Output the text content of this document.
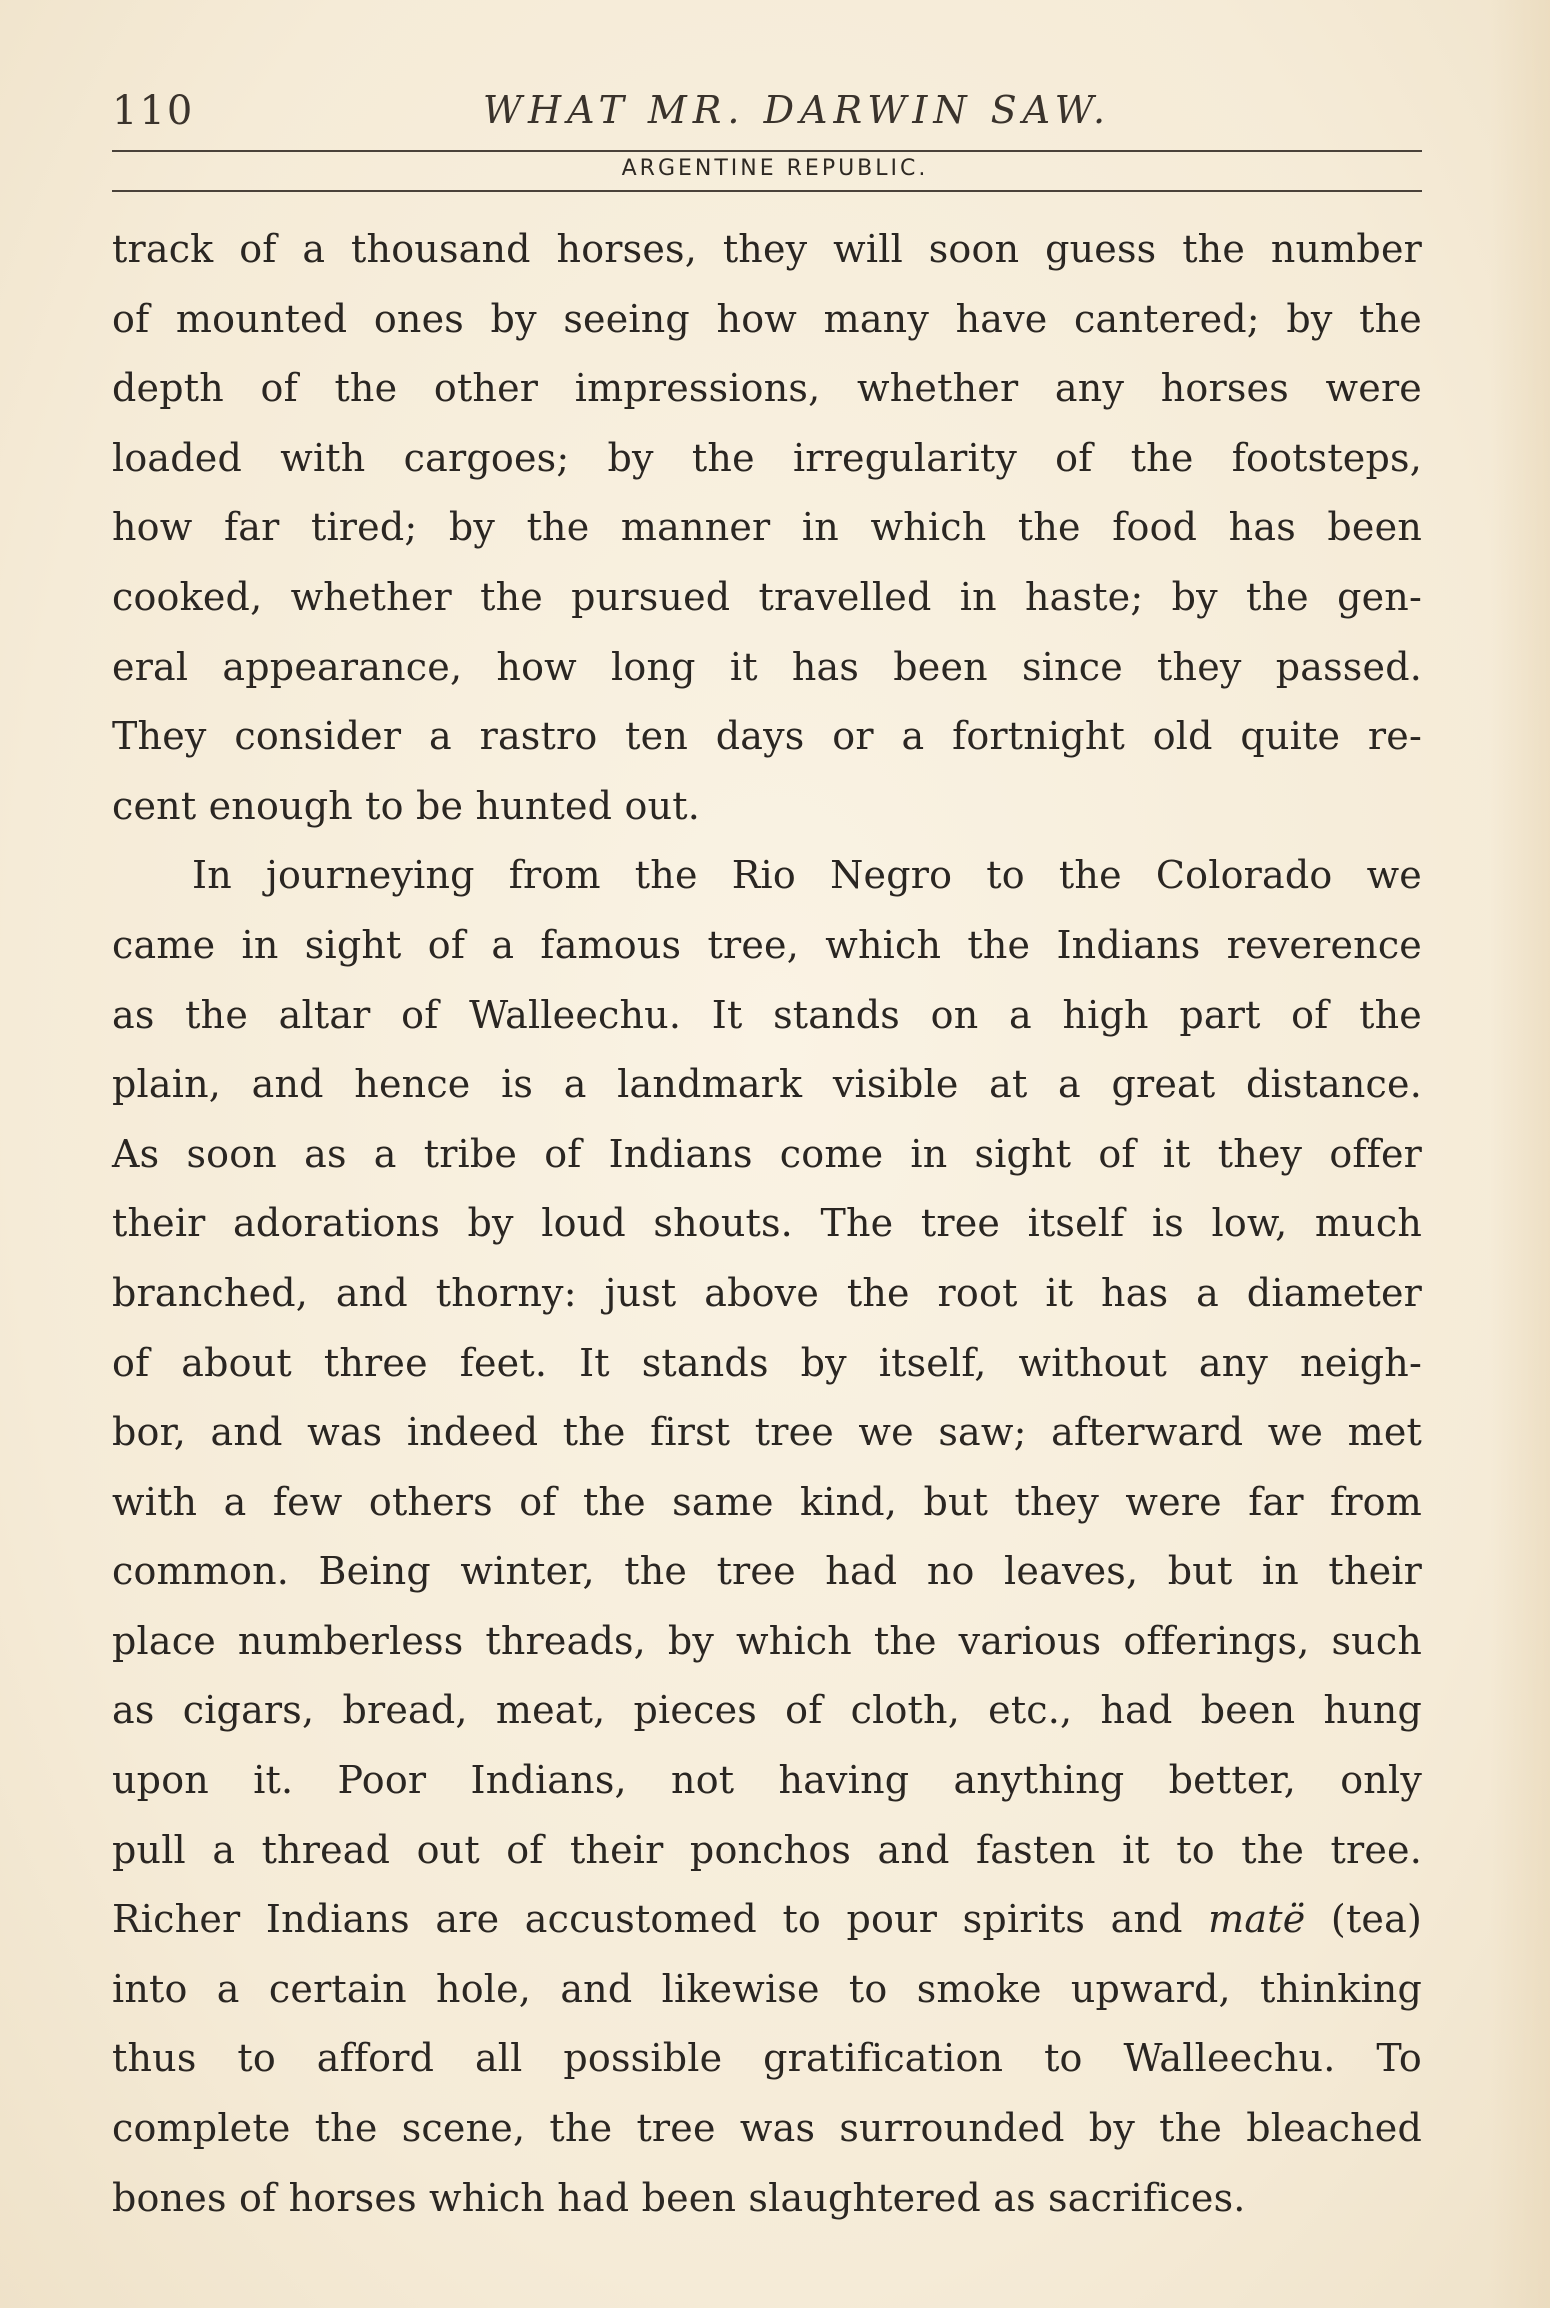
110	WHAT MR. DARWIN SAW.
ARGENTINE REPUBLIC.
track of a thousand horses, they will soon guess the number
of mounted ones by seeing how many have cantered; by the
depth of the other impressions, whether any horses were
loaded with cargoes; by the irregularity of the footsteps,
how far tired; by the manner in which the food has been
cooked, whether the pursued travelled in haste; by the gen-
eral appearance, how long it has been since they passed.
They consider a rastro ten days or a fortnight old quite re-
cent enough to be hunted out.
In journeying from the Rio Negro to the Colorado we
came in sight of a famous tree, which the Indians reverence
as the altar of Walleechu. It stands on a high part of the
plain, and hence is a landmark visible at a great distance.
As soon as a tribe of Indians come in sight of it they offer
their adorations by loud shouts. The tree itself is low, much
branched, and thorny: just above the root it has a diameter
of about three feet. It stands by itself, without any neigh-
bor, and was indeed the first tree we saw; afterward we met
with a few others of the same kind, but they were far from
common. Being winter, the tree had no leaves, but in their
place numberless threads, by which the various offerings, such
as cigars, bread, meat, pieces of cloth, etc., had been hung
upon it. Poor Indians, not having anything better, only
pull a thread out of their ponchos and fasten it to the tree.
Richer Indians are accustomed to pour spirits and matë (tea)
into a certain hole, and likewise to smoke upward, thinking
thus to afford all possible gratification to Walleechu. To
complete the scene, the tree was surrounded by the bleached
bones of horses which had been slaughtered as sacrifices.
